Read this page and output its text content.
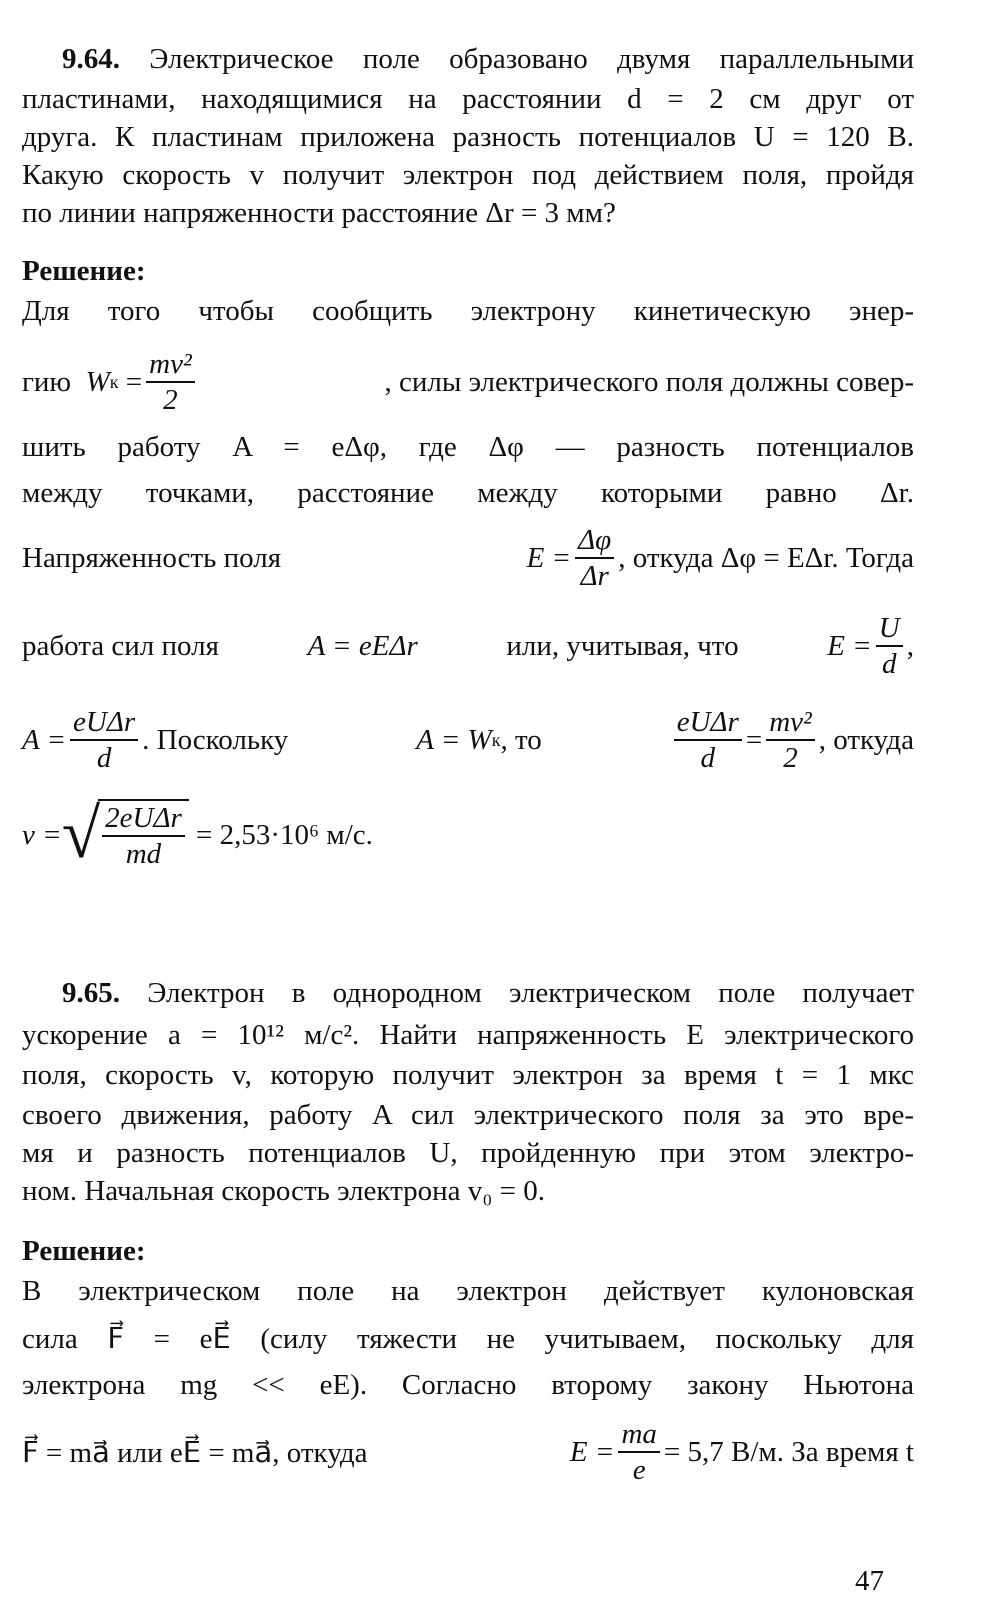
9.64. Электрическое поле образовано двумя параллельными
пластинами, находящимися на расстоянии d = 2 см друг от
друга. К пластинам приложена разность потенциалов U = 120 В.
Какую скорость v получит электрон под действием поля, пройдя
по линии напряженности расстояние Δr = 3 мм?
Решение:
Для того чтобы сообщить электрону кинетическую энер-
гию
W к
= $\frac{\text{mv²}}{2}$	, силы электрического поля должны совер-
шить работу A = eΔφ, где Δφ — разность потенциалов
между точками, расстояние между которыми равно Δr.
Напряженность поля	$E = \frac{\Delta\varphi}{\Delta r}$ , откуда Δφ = EΔr. Тогда
работа сил поля	A = eEΔr	или, учитывая, что	$E = \frac{U}{d}$ ,
$A = \frac{\text{eUΔr}}{d}$ . Поскольку	A = W к , то	$\frac{\text{eUΔr}}{d} = \frac{\text{mv²}}{2}$ , откуда
v = √ 2eUΔr
md

= 2,53·10⁶ м/с.
9.65. Электрон в однородном электрическом поле получает
ускорение a = 10¹² м/с². Найти напряженность E электрического
поля, скорость v, которую получит электрон за время t = 1 мкс
своего движения, работу A сил электрического поля за это вре-
мя и разность потенциалов U, пройденную при этом электро-
ном. Начальная скорость электрона v₀ = 0.
Решение:
В электрическом поле на электрон действует кулоновская
сила F⃗ = eE⃗ (силу тяжести не учитываем, поскольку для
электрона mg << eE). Согласно второму закону Ньютона
F⃗ = ma⃗ или eE⃗ = ma⃗, откуда	$E = \frac{ma}{e} = 5,7$ В/м. За время t
47
